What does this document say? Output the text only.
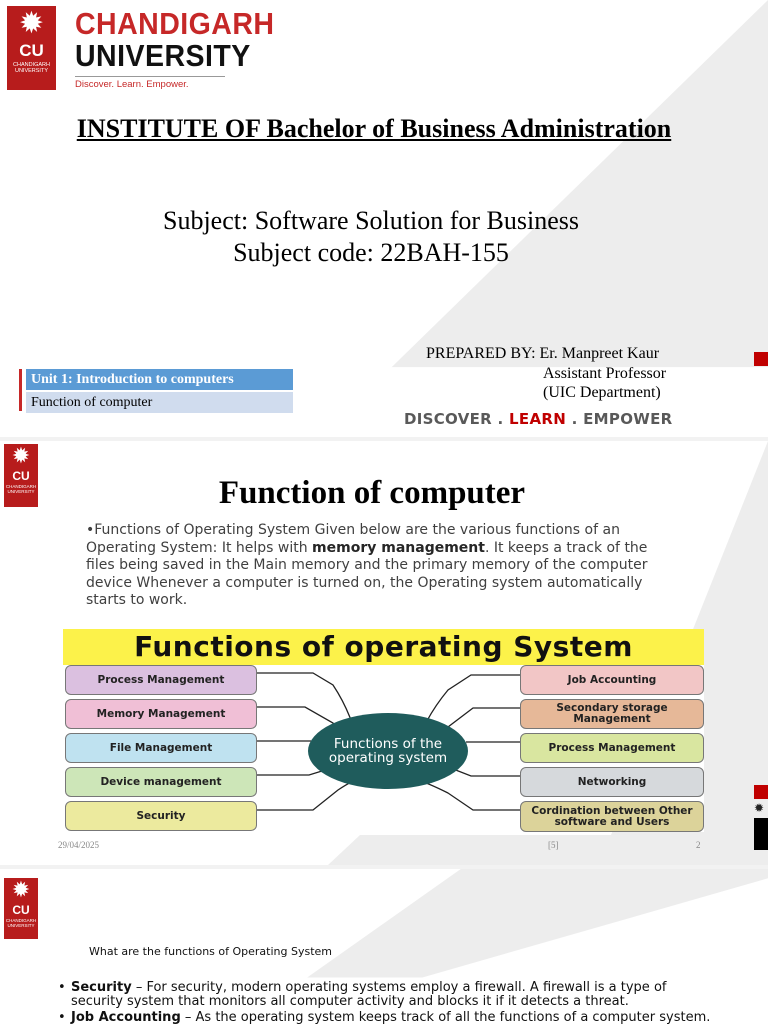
✹
CU
CHANDIGARH UNIVERSITY
CHANDIGARH
UNIVERSITY
Discover. Learn. Empower.
INSTITUTE OF Bachelor of Business Administration
Subject: Software Solution for Business
Subject code: 22BAH-155
PREPARED BY: Er. Manpreet Kaur
Assistant Professor
(UIC Department)
Unit 1: Introduction to computers
Function of computer
DISCOVER . LEARN . EMPOWER
✹
CU
CHANDIGARH UNIVERSITY	Function of computer
•Functions of Operating System Given below are the various functions of an Operating System: It helps with memory management. It keeps a track of the files being saved in the Main memory and the primary memory of the computer device Whenever a computer is turned on, the Operating system automatically starts to work.
Functions of operating System
Process Management
Memory Management
File Management
Device management
Security
Functions of the operating system
Job Accounting
Secondary storage Management
Process Management
Networking
Cordination between Other software and Users
29/04/2025	[5]	2
✹
✹
CU
CHANDIGARH UNIVERSITY
What are the functions of Operating System
• Security – For security, modern operating systems employ a firewall. A firewall is a type of security system that monitors all computer activity and blocks it if it detects a threat.
• Job Accounting – As the operating system keeps track of all the functions of a computer system.
